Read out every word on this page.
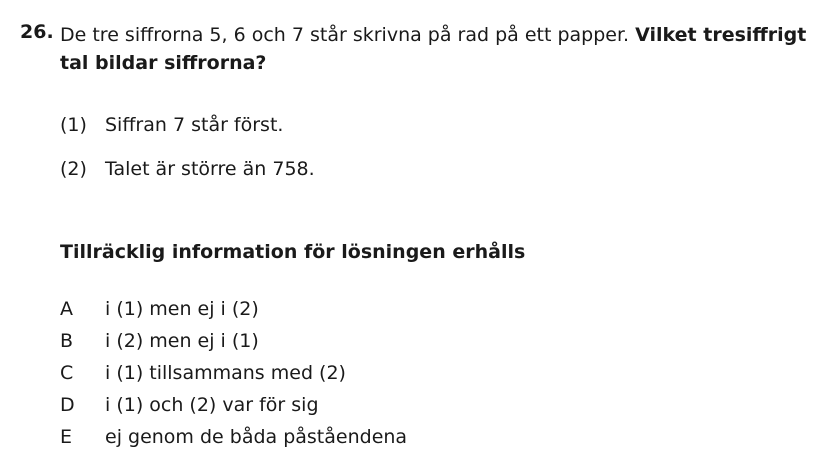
26. De tre siffrorna 5, 6 och 7 står skrivna på rad på ett papper. Vilket tresiffrigt tal bildar siffrorna?
(1) Siffran 7 står först.
(2) Talet är större än 758.
Tillräcklig information för lösningen erhålls
A i (1) men ej i (2)
B i (2) men ej i (1)
C i (1) tillsammans med (2)
D i (1) och (2) var för sig
E ej genom de båda påståendena
